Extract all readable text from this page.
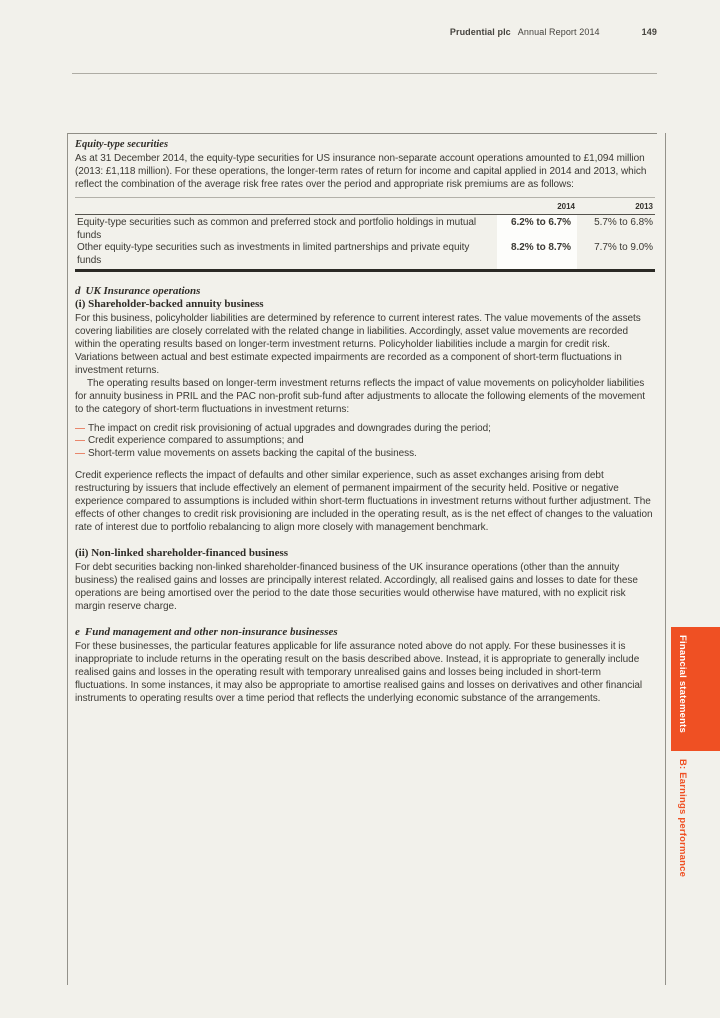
Prudential plc Annual Report 2014	149
Equity-type securities

As at 31 December 2014, the equity-type securities for US insurance non-separate account operations amounted to £1,094 million (2013: £1,118 million). For these operations, the longer-term rates of return for income and capital applied in 2014 and 2013, which reflect the combination of the average risk free rates over the period and appropriate risk premiums are as follows:

	2014	2013
Equity-type securities such as common and preferred stock and portfolio holdings in mutual funds	6.2% to 6.7%	5.7% to 6.8%
Other equity-type securities such as investments in limited partnerships and private equity funds	8.2% to 8.7%	7.7% to 9.0%
d UK Insurance operations
(i) Shareholder-backed annuity business

For this business, policyholder liabilities are determined by reference to current interest rates. The value movements of the assets covering liabilities are closely correlated with the related change in liabilities. Accordingly, asset value movements are recorded within the operating results based on longer-term investment returns. Policyholder liabilities include a margin for credit risk. Variations between actual and best estimate expected impairments are recorded as a component of short-term fluctuations in investment returns.

The operating results based on longer-term investment returns reflects the impact of value movements on policyholder liabilities for annuity business in PRIL and the PAC non-profit sub-fund after adjustments to allocate the following elements of the movement to the category of short-term fluctuations in investment returns:

— The impact on credit risk provisioning of actual upgrades and downgrades during the period;
— Credit experience compared to assumptions; and
— Short-term value movements on assets backing the capital of the business.

Credit experience reflects the impact of defaults and other similar experience, such as asset exchanges arising from debt restructuring by issuers that include effectively an element of permanent impairment of the security held. Positive or negative experience compared to assumptions is included within short-term fluctuations in investment returns without further adjustment. The effects of other changes to credit risk provisioning are included in the operating result, as is the net effect of changes to the valuation rate of interest due to portfolio rebalancing to align more closely with management benchmark.

(ii) Non-linked shareholder-financed business

For debt securities backing non-linked shareholder-financed business of the UK insurance operations (other than the annuity business) the realised gains and losses are principally interest related. Accordingly, all realised gains and losses to date for these operations are being amortised over the period to the date those securities would otherwise have matured, with no explicit risk margin reserve charge.

e Fund management and other non-insurance businesses

For these businesses, the particular features applicable for life assurance noted above do not apply. For these businesses it is inappropriate to include returns in the operating result on the basis described above. Instead, it is appropriate to generally include realised gains and losses in the operating result with temporary unrealised gains and losses being included in short-term fluctuations. In some instances, it may also be appropriate to amortise realised gains and losses on derivatives and other financial instruments to operating results over a time period that reflects the underlying economic substance of the arrangements.	Financial statements
B: Earnings performance
